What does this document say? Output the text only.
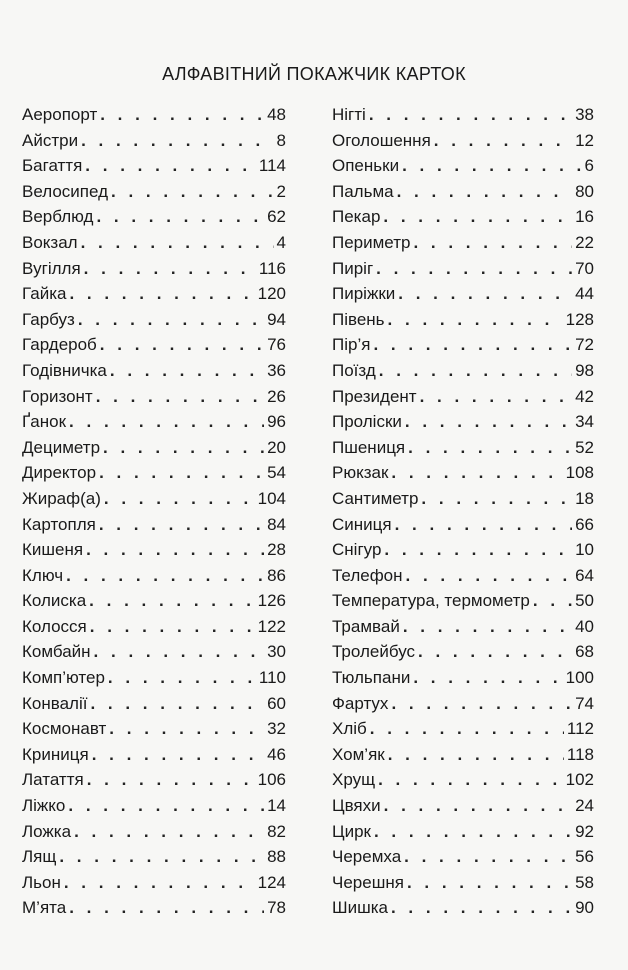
АЛФАВІТНИЙ ПОКАЖЧИК КАРТОК
Аеропорт . . .	48
Айстри . . .	8
Багаття . . .	114
Велосипед . . .	2
Верблюд . . .	62
Вокзал . . .	4
Вугілля . . .	116
Гайка . . .	120
Гарбуз . . .	94
Гардероб . . .	76
Годівничка . . .	36
Горизонт . . .	26
Ґанок . . .	96
Дециметр . . .	20
Директор . . .	54
Жираф(а) . . .	104
Картопля . . .	84
Кишеня . . .	28
Ключ . . .	86
Колиска . . .	126
Колосся . . .	122
Комбайн . . .	30
Комп’ютер . . .	110
Конвалії . . .	60
Космонавт . . .	32
Криниця . . .	46
Латаття . . .	106
Ліжко . . .	14
Ложка . . .	82
Лящ . . .	88
Льон . . .	124
М’ята . . .	78
Нігті . . .	38
Оголошення . . .	12
Опеньки . . .	6
Пальма . . .	80
Пекар . . .	16
Периметр . . .	22
Пиріг . . .	70
Пиріжки . . .	44
Півень . . .	128
Пір’я . . .	72
Поїзд . . .	98
Президент . . .	42
Проліски . . .	34
Пшениця . . .	52
Рюкзак . . .	108
Сантиметр . . .	18
Синиця . . .	66
Снігур . . .	10
Телефон . . .	64
Температура, термометр . . .	50
Трамвай . . .	40
Тролейбус . . .	68
Тюльпани . . .	100
Фартух . . .	74
Хліб . . .	112
Хом’як . . .	118
Хрущ . . .	102
Цвяхи . . .	24
Цирк . . .	92
Черемха . . .	56
Черешня . . .	58
Шишка . . .	90
